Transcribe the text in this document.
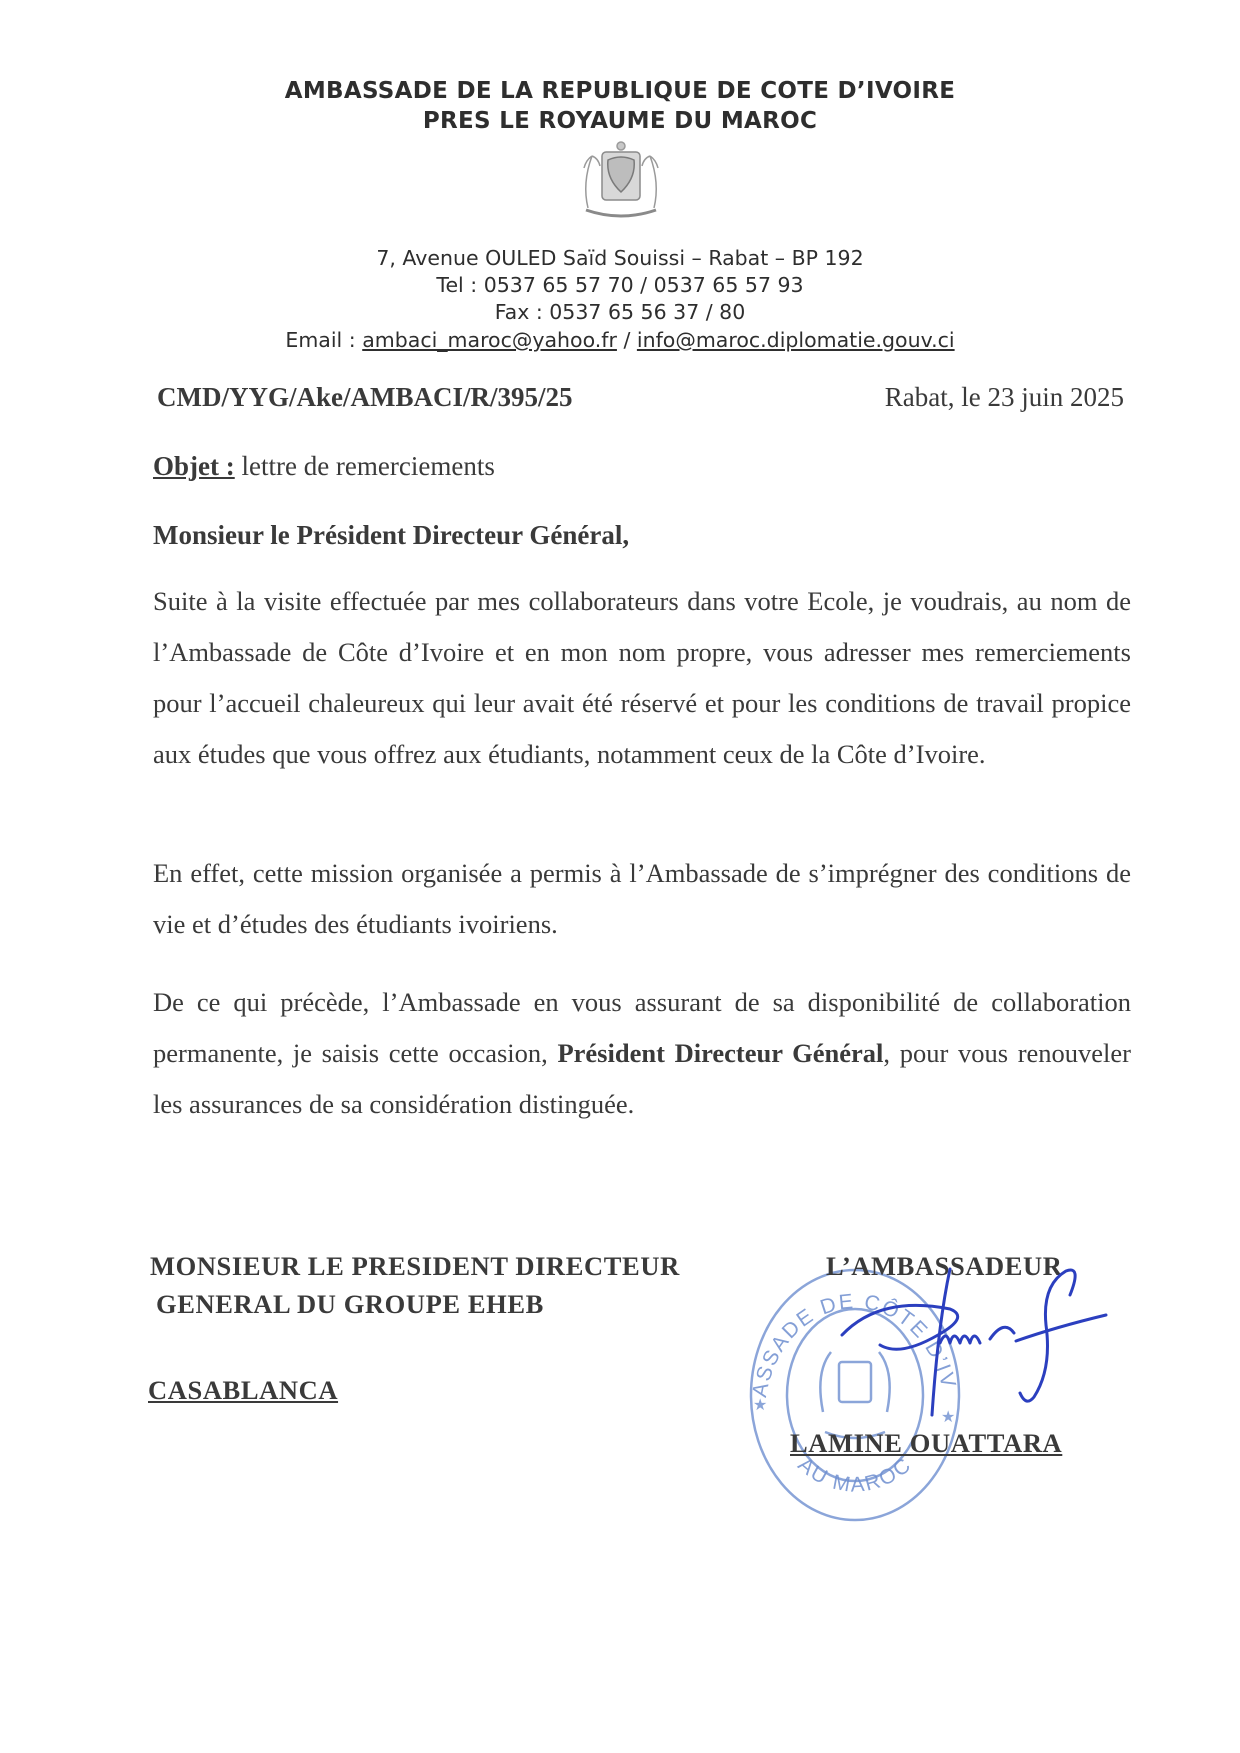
AMBASSADE DE LA REPUBLIQUE DE COTE D’IVOIRE
PRES LE ROYAUME DU MAROC
7, Avenue OULED Saïd Souissi – Rabat – BP 192
Tel : 0537 65 57 70 / 0537 65 57 93
Fax : 0537 65 56 37 / 80
Email : ambaci_maroc@yahoo.fr / info@maroc.diplomatie.gouv.ci
CMD/YYG/Ake/AMBACI/R/395/25	Rabat, le 23 juin 2025
Objet : lettre de remerciements
Monsieur le Président Directeur Général,
Suite à la visite effectuée par mes collaborateurs dans votre Ecole, je voudrais, au nom de l’Ambassade de Côte d’Ivoire et en mon nom propre, vous adresser mes remerciements pour l’accueil chaleureux qui leur avait été réservé et pour les conditions de travail propice aux études que vous offrez aux étudiants, notamment ceux de la Côte d’Ivoire.
En effet, cette mission organisée a permis à l’Ambassade de s’imprégner des conditions de vie et d’études des étudiants ivoiriens.
De ce qui précède, l’Ambassade en vous assurant de sa disponibilité de collaboration permanente, je saisis cette occasion, Président Directeur Général, pour vous renouveler les assurances de sa considération distinguée.
MONSIEUR LE PRESIDENT DIRECTEUR
GENERAL DU GROUPE EHEB
CASABLANCA	ASSADE DE CÔTE D’IV
AU MAROC
★
★
L’AMBASSADEUR
LAMINE OUATTARA
